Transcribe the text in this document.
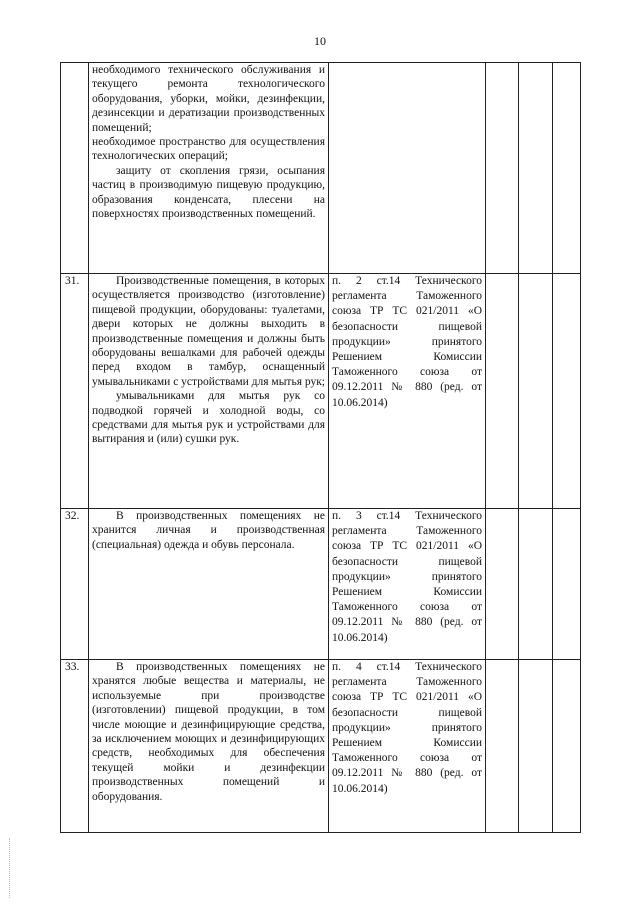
10

	необходимого технического обслуживания и текущего ремонта технологического оборудования, уборки, мойки, дезинфекции, дезинсекции и дератизации производственных помещений;

необходимое пространство для осуществления технологических операций;

защиту от скопления грязи, осыпания частиц в производимую пищевую продукцию, образования конденсата, плесени на поверхностях производственных помещений.				

31.	Производственные помещения, в которых осуществляется производство (изготовление) пищевой продукции, оборудованы: туалетами, двери которых не должны выходить в производственные помещения и должны быть оборудованы вешалками для рабочей одежды перед входом в тамбур, оснащенный умывальниками с устройствами для мытья рук;

умывальниками для мытья рук со подводкой горячей и холодной воды, со средствами для мытья рук и устройствами для вытирания и (или) сушки рук.	п. 2 ст.14 Технического регламента Таможенного союза ТР ТС 021/2011 «О безопасности пищевой продукции» принятого Решением Комиссии Таможенного союза от 09.12.2011 № 880 (ред. от 10.06.2014)			
32.	В производственных помещениях не хранится личная и производственная (специальная) одежда и обувь персонала.	п. 3 ст.14 Технического регламента Таможенного союза ТР ТС 021/2011 «О безопасности пищевой продукции» принятого Решением Комиссии Таможенного союза от 09.12.2011 № 880 (ред. от 10.06.2014)			
33.	В производственных помещениях не хранятся любые вещества и материалы, не используемые при производстве (изготовлении) пищевой продукции, в том числе моющие и дезинфицирующие средства, за исключением моющих и дезинфицирующих средств, необходимых для обеспечения текущей мойки и дезинфекции производственных помещений и оборудования.	п. 4 ст.14 Технического регламента Таможенного союза ТР ТС 021/2011 «О безопасности пищевой продукции» принятого Решением Комиссии Таможенного союза от 09.12.2011 № 880 (ред. от 10.06.2014)			
